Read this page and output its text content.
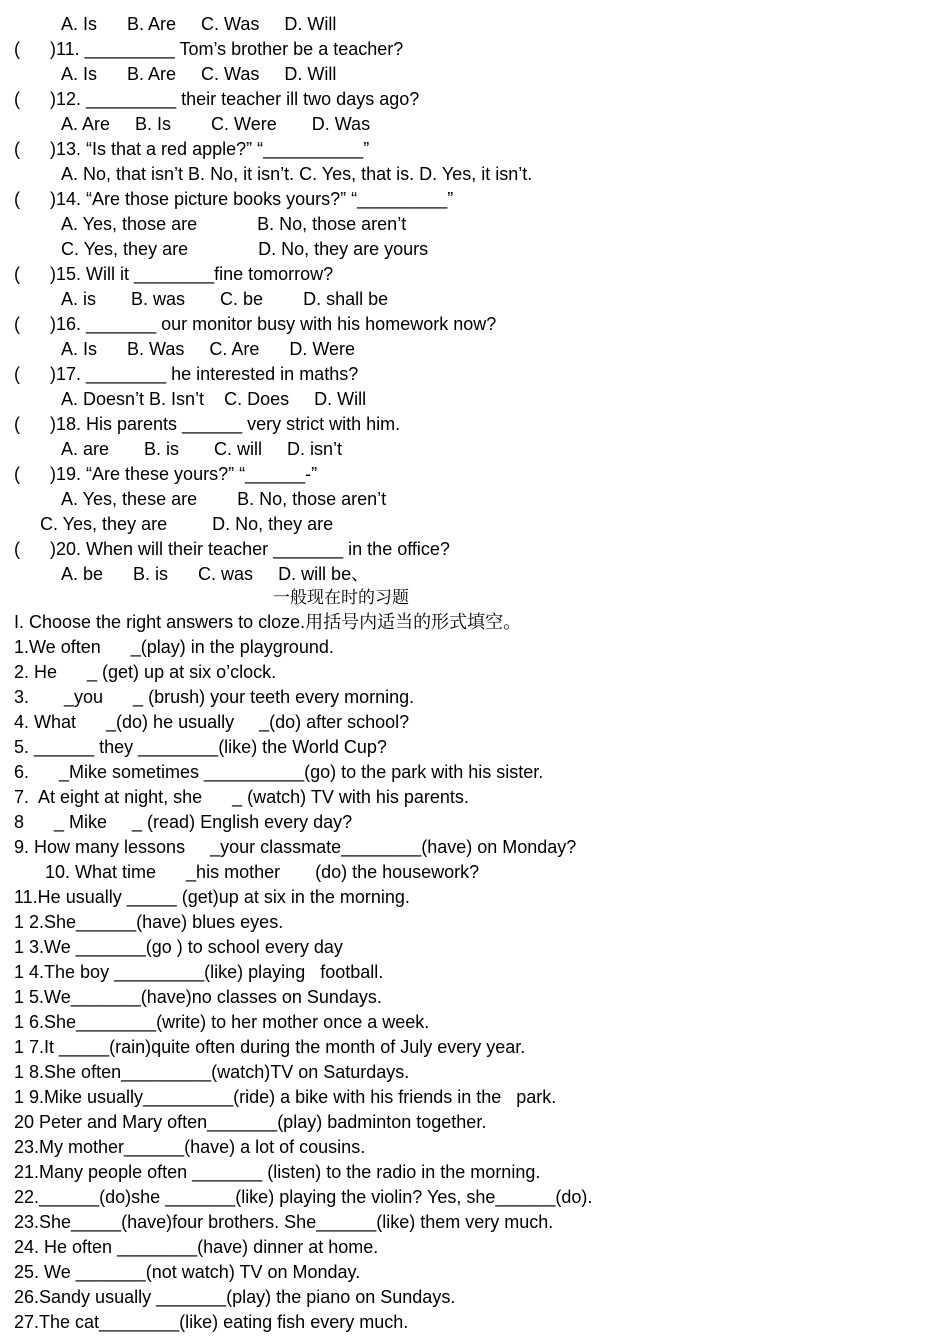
A. Is      B. Are     C. Was     D. Will
(      )11. _________ Tom’s brother be a teacher?
A. Is      B. Are     C. Was     D. Will
(      )12. _________ their teacher ill two days ago?
A. Are     B. Is        C. Were       D. Was
(      )13. “Is that a red apple?” “__________”
A. No, that isn’t B. No, it isn’t. C. Yes, that is. D. Yes, it isn’t.
(      )14. “Are those picture books yours?” “_________”
A. Yes, those are            B. No, those aren’t
C. Yes, they are              D. No, they are yours
(      )15. Will it ________fine tomorrow?
A. is       B. was       C. be        D. shall be
(      )16. _______ our monitor busy with his homework now?
A. Is      B. Was     C. Are      D. Were
(      )17. ________ he interested in maths?
A. Doesn’t B. Isn’t    C. Does     D. Will
(      )18. His parents ______ very strict with him.
A. are       B. is       C. will     D. isn’t
(      )19. “Are these yours?” “______-”
A. Yes, these are        B. No, those aren’t
C. Yes, they are         D. No, they are
(      )20. When will their teacher _______ in the office?
A. be      B. is      C. was     D. will be、
一般现在时的习题
I. Choose the right answers to cloze.用括号内适当的形式填空。
1.We often      _(play) in the playground.
2. He      _ (get) up at six o’clock.
3.       _you      _ (brush) your teeth every morning.
4. What      _(do) he usually     _(do) after school?
5. ______ they ________(like) the World Cup?
6.      _Mike sometimes __________(go) to the park with his sister.
7.  At eight at night, she      _ (watch) TV with his parents.
8      _ Mike     _ (read) English every day?
9. How many lessons     _your classmate________(have) on Monday?
10. What time      _his mother       (do) the housework?
11.He usually _____ (get)up at six in the morning.
1 2.She______(have) blues eyes.
1 3.We _______(go ) to school every day
1 4.The boy _________(like) playing   football.
1 5.We_______(have)no classes on Sundays.
1 6.She________(write) to her mother once a week.
1 7.It _____(rain)quite often during the month of July every year.
1 8.She often_________(watch)TV on Saturdays.
1 9.Mike usually_________(ride) a bike with his friends in the   park.
20 Peter and Mary often_______(play) badminton together.
23.My mother______(have) a lot of cousins.
21.Many people often _______ (listen) to the radio in the morning.
22.______(do)she _______(like) playing the violin? Yes, she______(do).
23.She_____(have)four brothers. She______(like) them very much.
24. He often ________(have) dinner at home.
25. We _______(not watch) TV on Monday.
26.Sandy usually _______(play) the piano on Sundays.
27.The cat________(like) eating fish every much.
